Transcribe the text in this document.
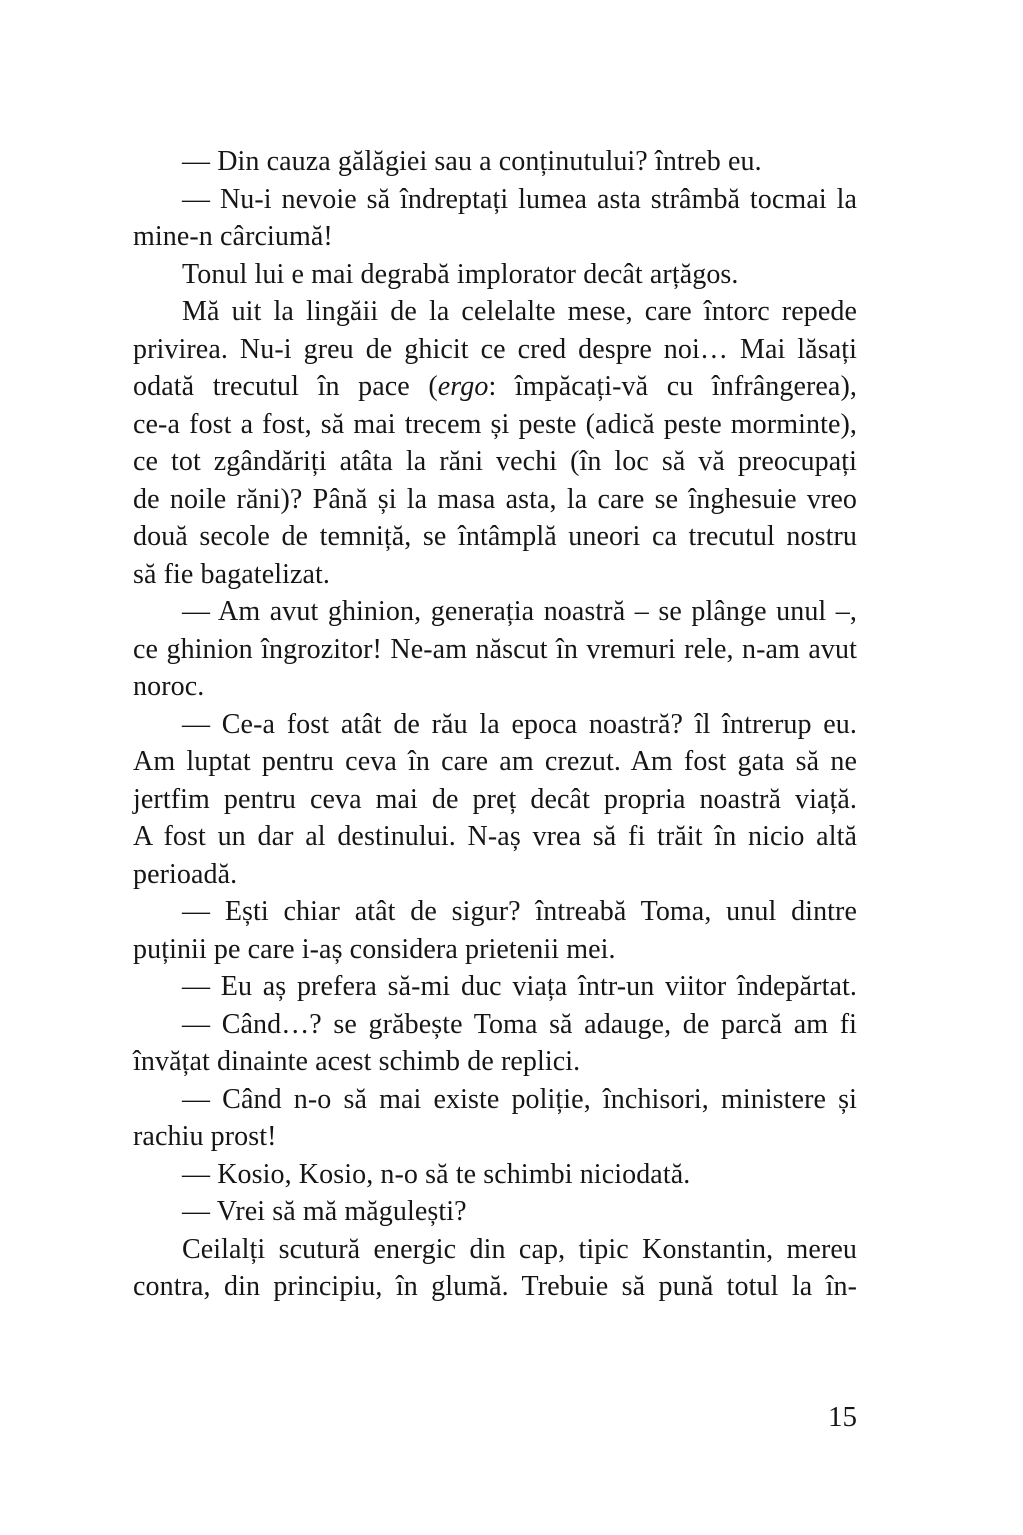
— Din cauza gălăgiei sau a conținutului? întreb eu.
— Nu-i nevoie să îndreptați lumea asta strâmbă tocmai la
mine-n cârciumă!
Tonul lui e mai degrabă implorator decât arțăgos.
Mă uit la lingăii de la celelalte mese, care întorc repede
privirea. Nu-i greu de ghicit ce cred despre noi… Mai lăsați
odată trecutul în pace (ergo: împăcați-vă cu înfrângerea),
ce-a fost a fost, să mai trecem și peste (adică peste morminte),
ce tot zgândăriți atâta la răni vechi (în loc să vă preocupați
de noile răni)? Până și la masa asta, la care se înghesuie vreo
două secole de temniță, se întâmplă uneori ca trecutul nostru
să fie bagatelizat.
— Am avut ghinion, generația noastră – se plânge unul –,
ce ghinion îngrozitor! Ne-am născut în vremuri rele, n-am avut
noroc.
— Ce-a fost atât de rău la epoca noastră? îl întrerup eu.
Am luptat pentru ceva în care am crezut. Am fost gata să ne
jertfim pentru ceva mai de preț decât propria noastră viață.
A fost un dar al destinului. N-aș vrea să fi trăit în nicio altă
perioadă.
— Ești chiar atât de sigur? întreabă Toma, unul dintre
puținii pe care i-aș considera prietenii mei.
— Eu aș prefera să-mi duc viața într-un viitor îndepărtat.
— Când…? se grăbește Toma să adauge, de parcă am fi
învățat dinainte acest schimb de replici.
— Când n-o să mai existe poliție, închisori, ministere și
rachiu prost!
— Kosio, Kosio, n-o să te schimbi niciodată.
— Vrei să mă măgulești?
Ceilalți scutură energic din cap, tipic Konstantin, mereu
contra, din principiu, în glumă. Trebuie să pună totul la în-
15
